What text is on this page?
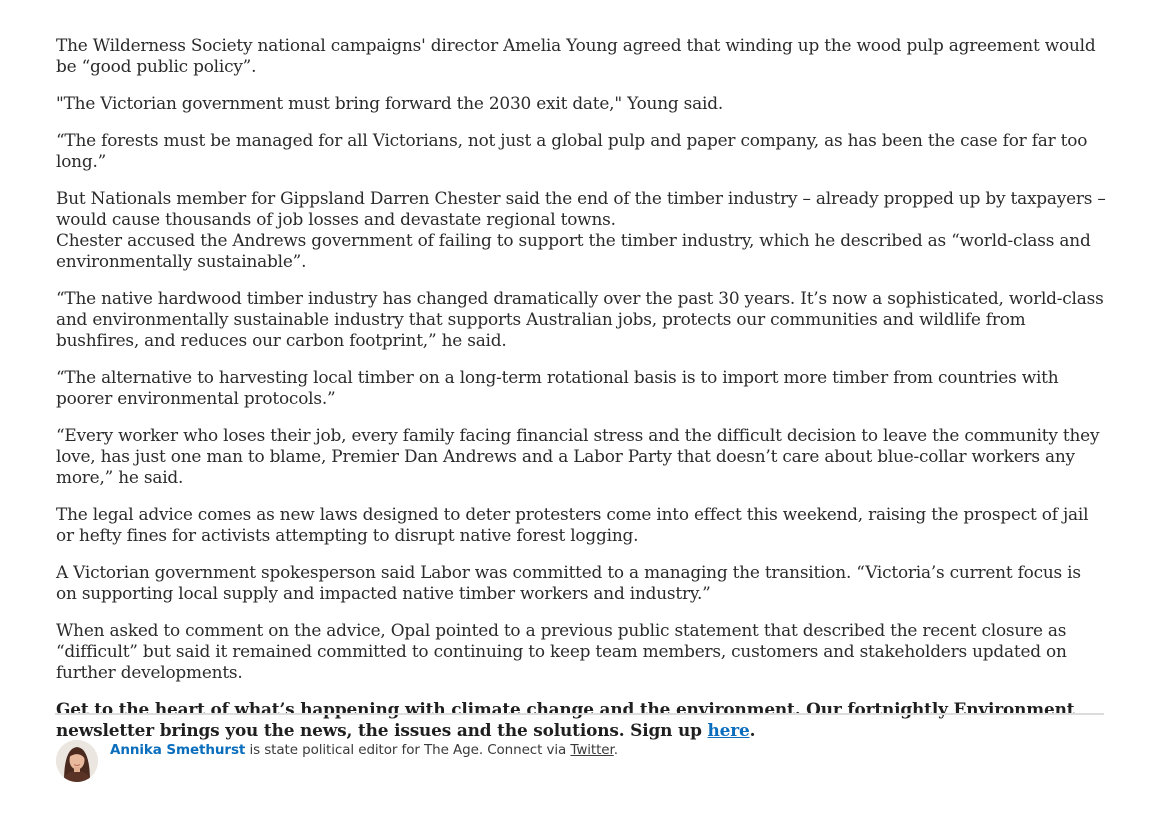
The Wilderness Society national campaigns' director Amelia Young agreed that winding up the wood pulp agreement would be “good public policy”.

"The Victorian government must bring forward the 2030 exit date," Young said.

“The forests must be managed for all Victorians, not just a global pulp and paper company, as has been the case for far too long.”

But Nationals member for Gippsland Darren Chester said the end of the timber industry – already propped up by taxpayers – would cause thousands of job losses and devastate regional towns.

Chester accused the Andrews government of failing to support the timber industry, which he described as “world-class and environmentally sustainable”.

“The native hardwood timber industry has changed dramatically over the past 30 years. It’s now a sophisticated, world-class and environmentally sustainable industry that supports Australian jobs, protects our communities and wildlife from bushfires, and reduces our carbon footprint,” he said.

“The alternative to harvesting local timber on a long-term rotational basis is to import more timber from countries with poorer environmental protocols.”

“Every worker who loses their job, every family facing financial stress and the difficult decision to leave the community they love, has just one man to blame, Premier Dan Andrews and a Labor Party that doesn’t care about blue-collar workers any more,” he said.

The legal advice comes as new laws designed to deter protesters come into effect this weekend, raising the prospect of jail or hefty fines for activists attempting to disrupt native forest logging.

A Victorian government spokesperson said Labor was committed to a managing the transition. “Victoria’s current focus is on supporting local supply and impacted native timber workers and industry.”

When asked to comment on the advice, Opal pointed to a previous public statement that described the recent closure as “difficult” but said it remained committed to continuing to keep team members, customers and stakeholders updated on further developments.

Get to the heart of what’s happening with climate change and the environment. Our fortnightly Environment newsletter brings you the news, the issues and the solutions. Sign up here.

Annika Smethurst is state political editor for The Age. Connect via Twitter.
